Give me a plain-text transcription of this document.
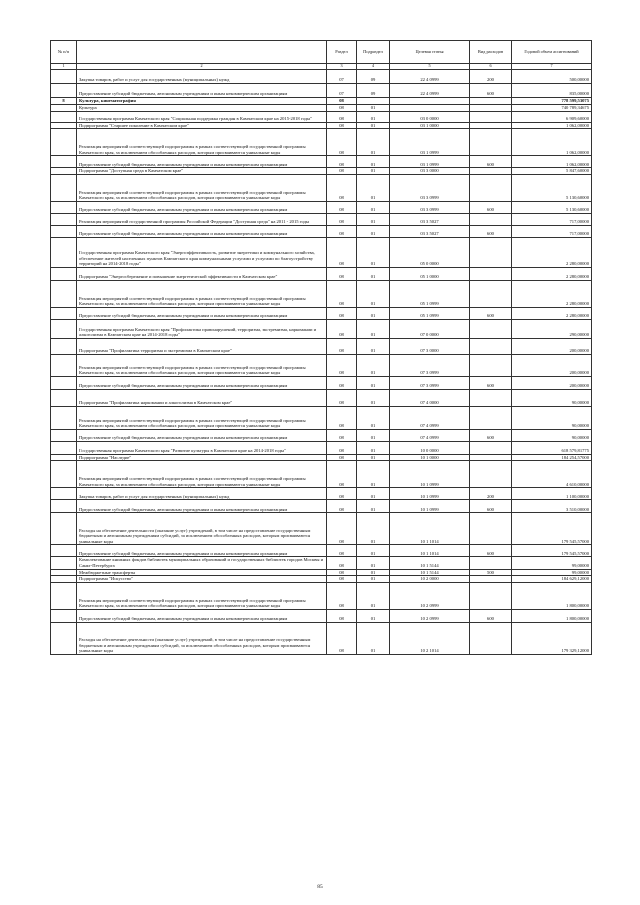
№ п/п		Раздел	Подраздел	Целевая статья	Вид расходов	Годовой объем ассигнований
1	2	3	4	5	6	7
	Закупка товаров, работ и услуг для государственных (муниципальных) нужд	07	09	22 4 0999	200	500,00000
	Предоставление субсидий бюджетным, автономным учреждениям и иным некоммерческим организациям	07	09	22 4 0999	600	835,00000
8	Культура, кинематография	08				778 599,53075
	Культура	08	01			740 789,34675
	Государственная программа Камчатского края "Социальная поддержка граждан в Камчатском крае на 2015-2018 годы"	08	01	03 0 0000		6 909,60000
	Подпрограмма "Старшее поколение в Камчатском крае"	08	01	03 1 0000		1 062,00000
	Реализация мероприятий соответствующей подпрограммы в рамках соответствующей государственной программы Камчатского края, за исключением обособленных расходов, которым присваиваются уникальные коды	08	01	03 1 0999		1 062,00000
	Предоставление субсидий бюджетным, автономным учреждениям и иным некоммерческим организациям	08	01	03 1 0999	600	1 062,00000
	Подпрограмма "Доступная среда в Камчатском крае"	08	01	03 3 0000		5 847,60000
	Реализация мероприятий соответствующей подпрограммы в рамках соответствующей государственной программы Камчатского края, за исключением обособленных расходов, которым присваиваются уникальные коды	08	01	03 3 0999		5 130,60000
	Предоставление субсидий бюджетным, автономным учреждениям и иным некоммерческим организациям	08	01	03 3 0999	600	5 130,60000
	Реализация мероприятий государственной программы Российской Федерации "Доступная среда" на 2011 - 2015 годы	08	01	03 3 5027		717,00000
	Предоставление субсидий бюджетным, автономным учреждениям и иным некоммерческим организациям	08	01	03 3 5027	600	717,00000
	Государственная программа Камчатского края "Энергоэффективность, развитие энергетики и коммунального хозяйства, обеспечение жителей населенных пунктов Камчатского края коммунальными услугами и услугами по благоустройству территорий на 2014-2018 годы"	08	01	05 0 0000		2 280,00000
	Подпрограмма "Энергосбережение и повышение энергетической эффективности в Камчатском крае"	08	01	05 1 0000		2 280,00000
	Реализация мероприятий соответствующей подпрограммы в рамках соответствующей государственной программы Камчатского края, за исключением обособленных расходов, которым присваиваются уникальные коды	08	01	05 1 0999		2 280,00000
	Предоставление субсидий бюджетным, автономным учреждениям и иным некоммерческим организациям	08	01	05 1 0999	600	2 280,00000
	Государственная программа Камчатского края "Профилактика правонарушений, терроризма, экстремизма, наркомании и алкоголизма в Камчатском крае на 2014-2018 годы"	08	01	07 0 0000		290,00000
	Подпрограмма "Профилактика терроризма и экстремизма в Камчатском крае"	08	01	07 3 0000		200,00000
	Реализация мероприятий соответствующей подпрограммы в рамках соответствующей государственной программы Камчатского края, за исключением обособленных расходов, которым присваиваются уникальные коды	08	01	07 3 0999		200,00000
	Предоставление субсидий бюджетным, автономным учреждениям и иным некоммерческим организациям	08	01	07 3 0999	600	200,00000
	Подпрограмма "Профилактика наркомании и алкоголизма в Камчатском крае"	08	01	07 4 0000		90,00000
	Реализация мероприятий соответствующей подпрограммы в рамках соответствующей государственной программы Камчатского края, за исключением обособленных расходов, которым присваиваются уникальные коды	08	01	07 4 0999		90,00000
	Предоставление субсидий бюджетным, автономным учреждениям и иным некоммерческим организациям	08	01	07 4 0999	600	90,00000
	Государственная программа Камчатского края "Развитие культуры в Камчатском крае на 2014-2018 годы"	08	01	10 0 0000		618 579,81775
	Подпрограмма "Наследие"	08	01	10 1 0000		184 254,57000
	Реализация мероприятий соответствующей подпрограммы в рамках соответствующей государственной программы Камчатского края, за исключением обособленных расходов, которым присваиваются уникальные коды	08	01	10 1 0999		4 610,00000
	Закупка товаров, работ и услуг для государственных (муниципальных) нужд	08	01	10 1 0999	200	1 100,00000
	Предоставление субсидий бюджетным, автономным учреждениям и иным некоммерческим организациям	08	01	10 1 0999	600	3 510,00000
	Расходы на обеспечение деятельности (оказание услуг) учреждений, в том числе на предоставление государственным бюджетным и автономным учреждениям субсидий, за исключением обособленных расходов, которым присваиваются уникальные коды	08	01	10 1 1014		179 545,57000
	Предоставление субсидий бюджетным, автономным учреждениям и иным некоммерческим организациям	08	01	10 1 1014	600	179 545,57000
	Комплектование книжных фондов библиотек муниципальных образований и государственных библиотек городов Москвы и Санкт-Петербурга	08	01	10 1 5144		99,00000
	Межбюджетные трансферты	08	01	10 1 5144	500	99,00000
	Подпрограмма "Искусство"	08	01	10 2 0000		184 629,12000
	Реализация мероприятий соответствующей подпрограммы в рамках соответствующей государственной программы Камчатского края, за исключением обособленных расходов, которым присваиваются уникальные коды	08	01	10 2 0999		1 800,00000
	Предоставление субсидий бюджетным, автономным учреждениям и иным некоммерческим организациям	08	01	10 2 0999	600	1 800,00000
	Расходы на обеспечение деятельности (оказание услуг) учреждений, в том числе на предоставление государственным бюджетным и автономным учреждениям субсидий, за исключением обособленных расходов, которым присваиваются уникальные коды	08	01	10 2 1014		179 329,12000
85
